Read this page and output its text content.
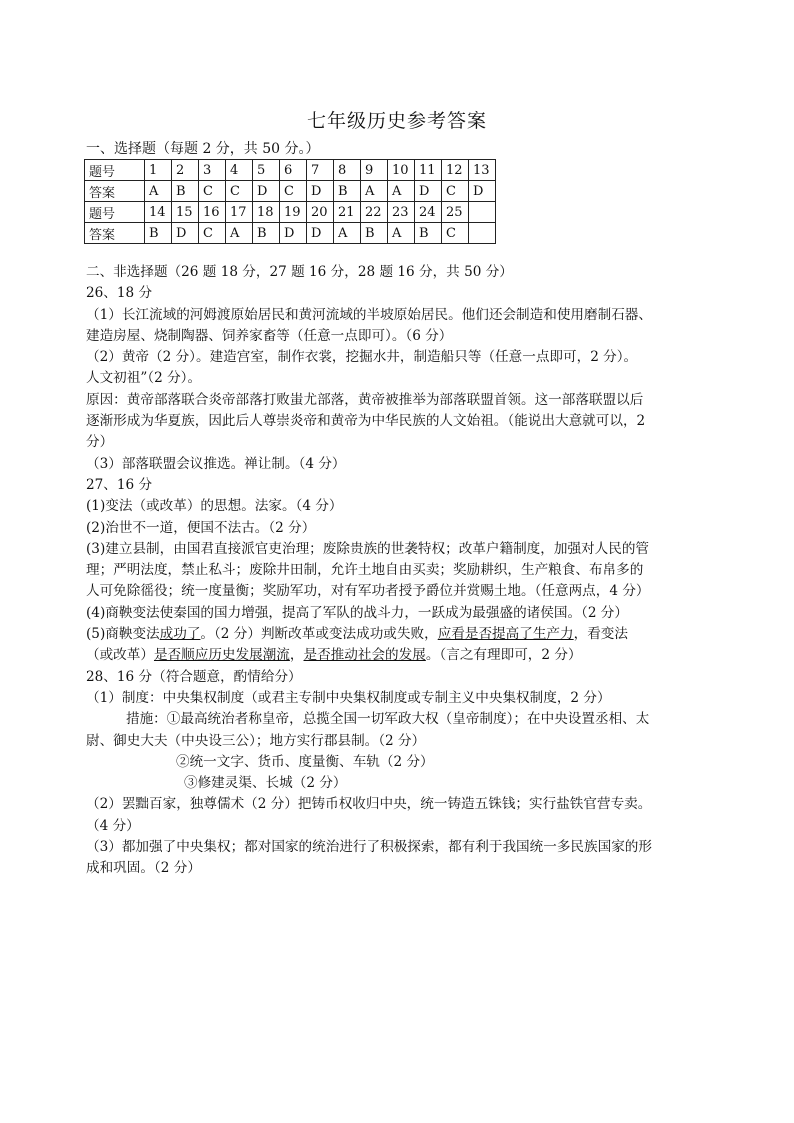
七年级历史参考答案
一、选择题（每题 2 分，共 50 分。）
题号	1	2	3	4	5	6	7	8	9	10	11	12	13
答案	A	B	C	C	D	C	D	B	A	A	D	C	D
题号	14	15	16	17	18	19	20	21	22	23	24	25	
答案	B	D	C	A	B	D	D	A	B	A	B	C	
二、非选择题（26 题 18 分，27 题 16 分，28 题 16 分，共 50 分）
26、18 分
（1）长江流域的河姆渡原始居民和黄河流域的半坡原始居民。他们还会制造和使用磨制石器、
建造房屋、烧制陶器、饲养家畜等（任意一点即可）。（6 分）
（2）黄帝（2 分）。建造宫室，制作衣裳，挖掘水井，制造船只等（任意一点即可，2 分）。
人文初祖”（2 分）。
原因：黄帝部落联合炎帝部落打败蚩尤部落，黄帝被推举为部落联盟首领。这一部落联盟以后
逐渐形成为华夏族，因此后人尊崇炎帝和黄帝为中华民族的人文始祖。（能说出大意就可以，2
分）
（3）部落联盟会议推选。禅让制。（4 分）
27、16 分
(1)变法（或改革）的思想。法家。（4 分）
(2)治世不一道，便国不法古。（2 分）
(3)建立县制，由国君直接派官吏治理；废除贵族的世袭特权；改革户籍制度，加强对人民的管
理；严明法度，禁止私斗；废除井田制，允许土地自由买卖；奖励耕织，生产粮食、布帛多的
人可免除徭役；统一度量衡；奖励军功，对有军功者授予爵位并赏赐土地。（任意两点，4 分）
(4)商鞅变法使秦国的国力增强，提高了军队的战斗力，一跃成为最强盛的诸侯国。（2 分）
(5)商鞅变法成功了。（2 分）判断改革或变法成功或失败，应看是否提高了生产力，看变法
（或改革）是否顺应历史发展潮流，是否推动社会的发展。（言之有理即可，2 分）
28、16 分（符合题意，酌情给分）
（1）制度：中央集权制度（或君主专制中央集权制度或专制主义中央集权制度，2 分）
措施：①最高统治者称皇帝，总揽全国一切军政大权（皇帝制度）；在中央设置丞相、太
尉、御史大夫（中央设三公）；地方实行郡县制。（2 分）
②统一文字、货币、度量衡、车轨（2 分）
③修建灵渠、长城（2 分）
（2）罢黜百家，独尊儒术（2 分）把铸币权收归中央，统一铸造五铢钱；实行盐铁官营专卖。
（4 分）
（3）都加强了中央集权；都对国家的统治进行了积极探索，都有利于我国统一多民族国家的形
成和巩固。（2 分）
